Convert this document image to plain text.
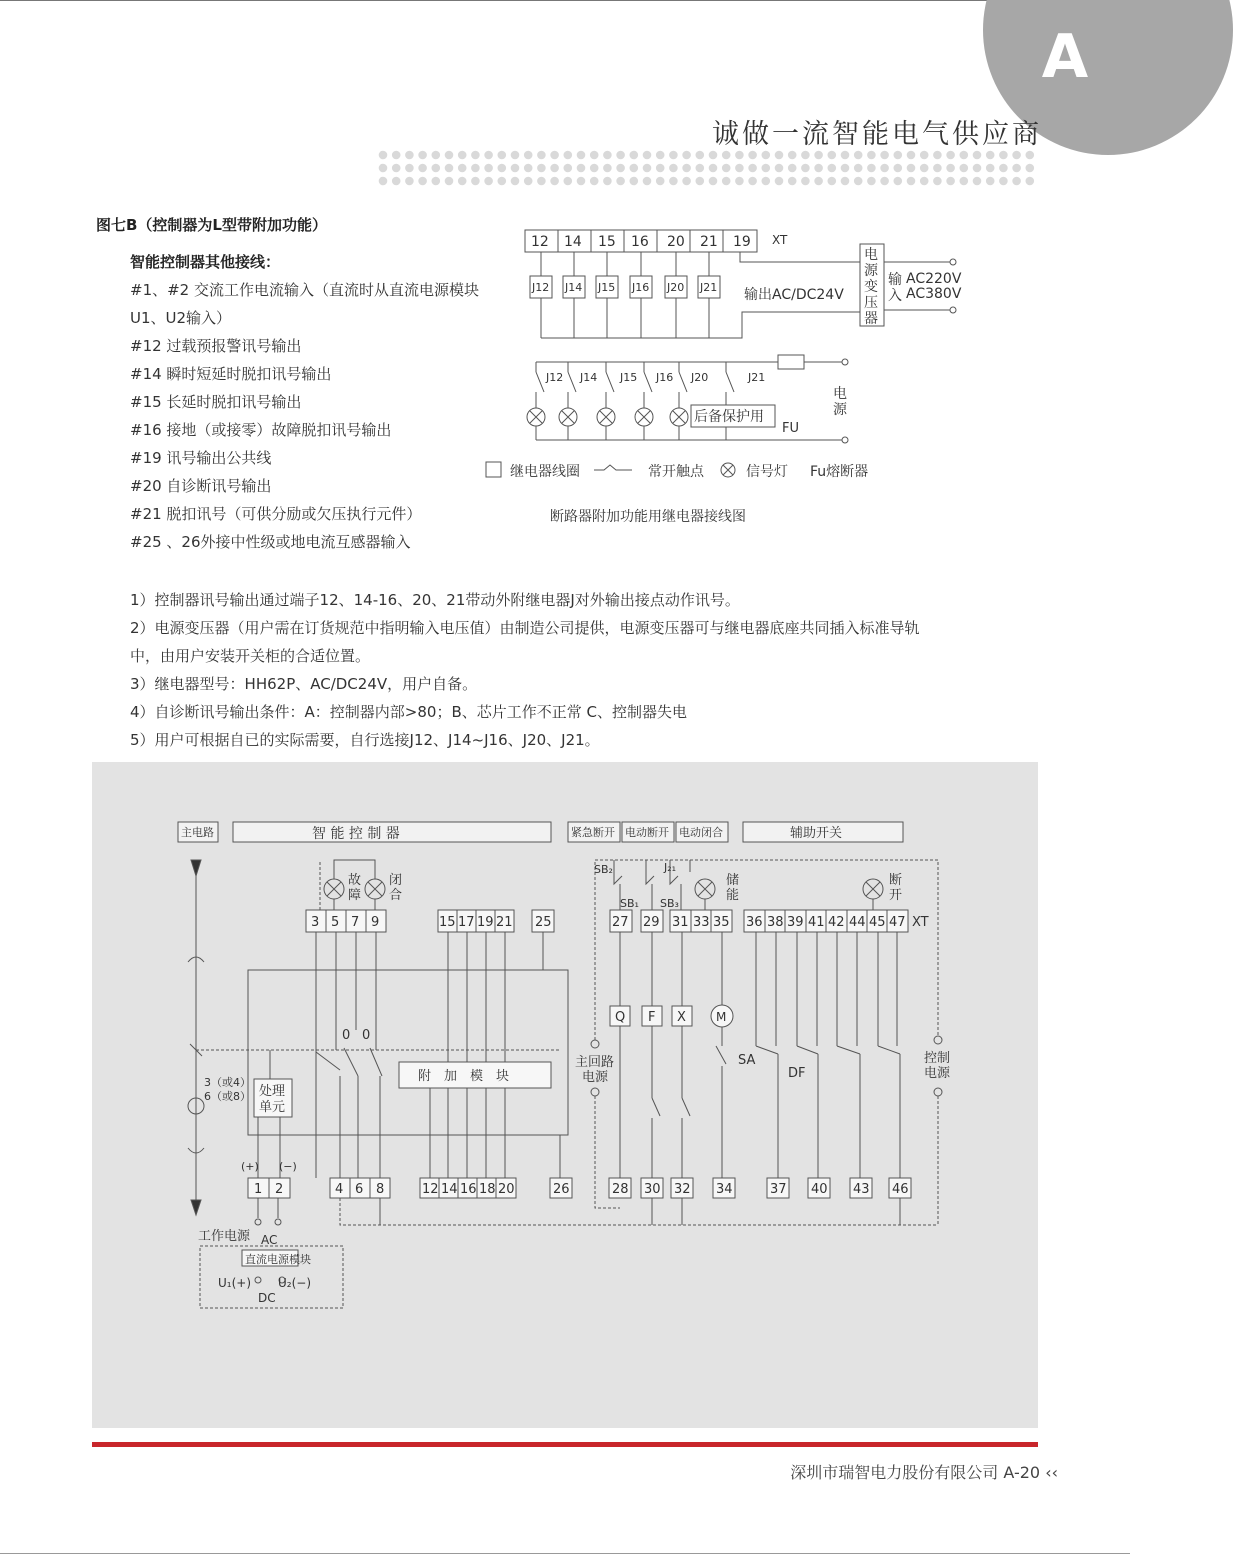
A
诚做一流智能电气供应商
图七B（控制器为L型带附加功能）
智能控制器其他接线：
#1、#2 交流工作电流输入（直流时从直流电源模块
U1、U2输入）
#12 过载预报警讯号输出
#14 瞬时短延时脱扣讯号输出
#15 长延时脱扣讯号输出
#16 接地（或接零）故障脱扣讯号输出
#19 讯号输出公共线
#20 自诊断讯号输出
#21 脱扣讯号（可供分励或欠压执行元件）
#25 、26外接中性级或地电流互感器输入
12 14 15 16 20 21 19 XT
J12 J14 J15 J16 J20 J21 输出AC/DC24V
电
源
变
压
器
输
入
AC220V
AC380V
J12 J14 J15 J16 J20	J21
后备保护用
FU
电
源
继电器线圈	常开触点	信号灯 Fu熔断器
断路器附加功能用继电器接线图
1）控制器讯号输出通过端子12、14-16、20、21带动外附继电器J对外输出接点动作讯号。
2）电源变压器（用户需在订货规范中指明输入电压值）由制造公司提供，电源变压器可与继电器底座共同插入标准导轨
中，由用户安装开关柜的合适位置。
3）继电器型号：HH62P、AC/DC24V，用户自备。
4）自诊断讯号输出条件：A：控制器内部>80；B、芯片工作不正常 C、控制器失电
5）用户可根据自已的实际需要，自行选接J12、J14~J16、J20、J21。
主电路	智 能 控 制 器	紧急断开 电动断开 电动闭合	辅助开关
故
障
闭
合
储
能
断
开
SB₂
SB₁ SB₃
J₂₁
3 5 7 9	15 17 19 21 25	27 29 31 33 35 36 38 39 41 42 44 45 47 XT
Q F X	M
0 0
主回路
电源
控制
电源
SA
DF
3（或4）
6（或8） 处理
单元
附　加　模　块
(+) (−)
1 2	4 6 8	12 14 16 18 20	26	28 30 32 34	37 40 43 46
工作电源 AC
直流电源模块
U₁(+) U₂(−)
DC
深圳市瑞智电力股份有限公司 A-20 ‹‹
